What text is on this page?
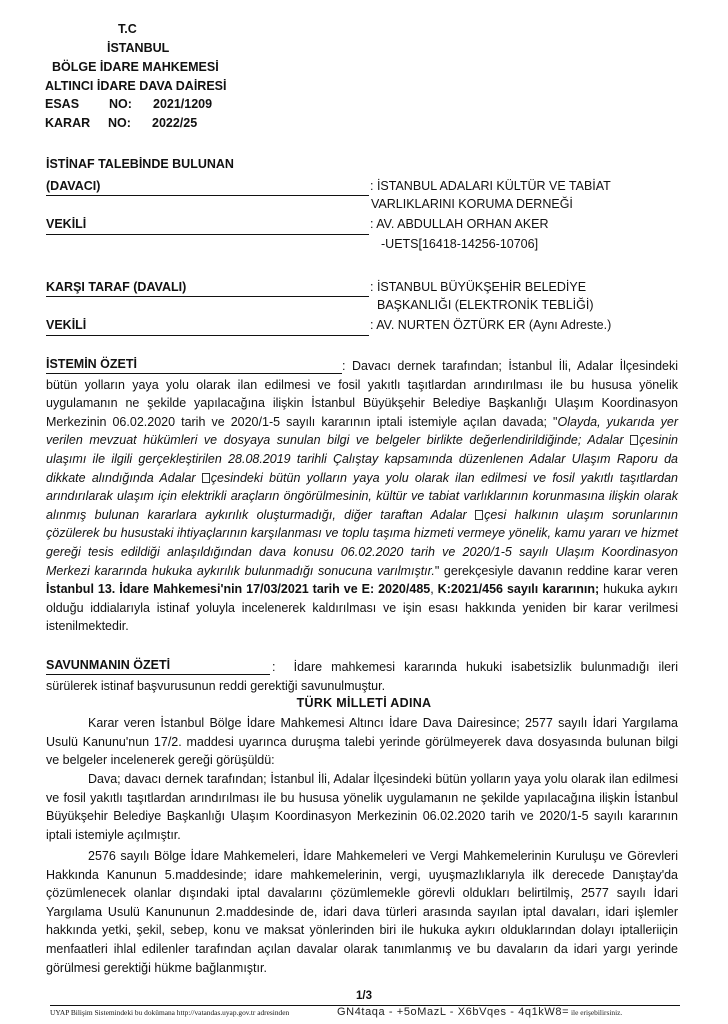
T.C
İSTANBUL
BÖLGE İDARE MAHKEMESİ
ALTINCI İDARE DAVA DAİRESİ
ESAS NO: 2021/1209
KARAR NO: 2022/25
İSTİNAF TALEBİNDE BULUNAN
(DAVACI)	: İSTANBUL ADALARI KÜLTÜR VE TABİAT
VARLIKLARINI KORUMA DERNEĞİ
VEKİLİ	: AV. ABDULLAH ORHAN AKER
-UETS[16418-14256-10706]
KARŞI TARAF (DAVALI)	: İSTANBUL BÜYÜKŞEHİR BELEDİYE
BAŞKANLIĞI (ELEKTRONİK TEBLİĞİ)
VEKİLİ	: AV. NURTEN ÖZTÜRK ER (Aynı Adreste.)
İSTEMİN ÖZETİ	: Davacı dernek tarafından; İstanbul İli, Adalar İlçesindeki bütün yolların yaya yolu olarak ilan edilmesi ve fosil yakıtlı taşıtlardan arındırılması ile bu hususa yönelik uygulamanın ne şekilde yapılacağına ilişkin İstanbul Büyükşehir Belediye Başkanlığı Ulaşım Koordinasyon Merkezinin 06.02.2020 tarih ve 2020/1-5 sayılı kararının iptali istemiyle açılan davada; "Olayda, yukarıda yer verilen mevzuat hükümleri ve dosyaya sunulan bilgi ve belgeler birlikte değerlendirildiğinde; Adalar çesinin ulaşımı ile ilgili gerçekleştirilen 28.08.2019 tarihli Çalıştay kapsamında düzenlenen Adalar Ulaşım Raporu da dikkate alındığında Adalar çesindeki bütün yolların yaya yolu olarak ilan edilmesi ve fosil yakıtlı taşıtlardan arındırılarak ulaşım için elektrikli araçların öngörülmesinin, kültür ve tabiat varlıklarının korunmasına ilişkin olarak alınmış bulunan kararlara aykırılık oluşturmadığı, diğer taraftan Adalar çesi halkının ulaşım sorunlarının çözülerek bu husustaki ihtiyaçlarının karşılanması ve toplu taşıma hizmeti vermeye yönelik, kamu yararı ve hizmet gereği tesis edildiği anlaşıldığından dava konusu 06.02.2020 tarih ve 2020/1-5 sayılı Ulaşım Koordinasyon Merkezi kararında hukuka aykırılık bulunmadığı sonucuna varılmıştır." gerekçesiyle davanın reddine karar veren İstanbul 13. İdare Mahkemesi'nin 17/03/2021 tarih ve E: 2020/485, K:2021/456 sayılı kararının; hukuka aykırı olduğu iddialarıyla istinaf yoluyla incelenerek kaldırılması ve işin esası hakkında yeniden bir karar verilmesi istenilmektedir.
SAVUNMANIN ÖZETİ	: İdare mahkemesi kararında hukuki isabetsizlik bulunmadığı ileri sürülerek istinaf başvurusunun reddi gerektiği savunulmuştur.
TÜRK MİLLETİ ADINA
Karar veren İstanbul Bölge İdare Mahkemesi Altıncı İdare Dava Dairesince; 2577 sayılı İdari Yargılama Usulü Kanunu'nun 17/2. maddesi uyarınca duruşma talebi yerinde görülmeyerek dava dosyasında bulunan bilgi ve belgeler incelenerek gereği görüşüldü:
Dava; davacı dernek tarafından; İstanbul İli, Adalar İlçesindeki bütün yolların yaya yolu olarak ilan edilmesi ve fosil yakıtlı taşıtlardan arındırılması ile bu hususa yönelik uygulamanın ne şekilde yapılacağına ilişkin İstanbul Büyükşehir Belediye Başkanlığı Ulaşım Koordinasyon Merkezinin 06.02.2020 tarih ve 2020/1-5 sayılı kararının iptali istemiyle açılmıştır.
2576 sayılı Bölge İdare Mahkemeleri, İdare Mahkemeleri ve Vergi Mahkemelerinin Kuruluşu ve Görevleri Hakkında Kanunun 5.maddesinde; idare mahkemelerinin, vergi, uyuşmazlıklarıyla ilk derecede Danıştay'da çözümlenecek olanlar dışındaki iptal davalarını çözümlemekle görevli oldukları belirtilmiş, 2577 sayılı İdari Yargılama Usulü Kanununun 2.maddesinde de, idari dava türleri arasında sayılan iptal davaları, idari işlemler hakkında yetki, şekil, sebep, konu ve maksat yönlerinden biri ile hukuka aykırı olduklarından dolayı iptalleriiçin menfaatleri ihlal edilenler tarafından açılan davalar olarak tanımlanmış ve bu davaların da idari yargı yerinde görülmesi gerektiği hükme bağlanmıştır.
1/3
UYAP Bilişim Sistemindeki bu dokümana http://vatandas.uyap.gov.tr adresinden	GN4taqa - +5oMazL - X6bVqes - 4q1kW8= ile erişebilirsiniz.
